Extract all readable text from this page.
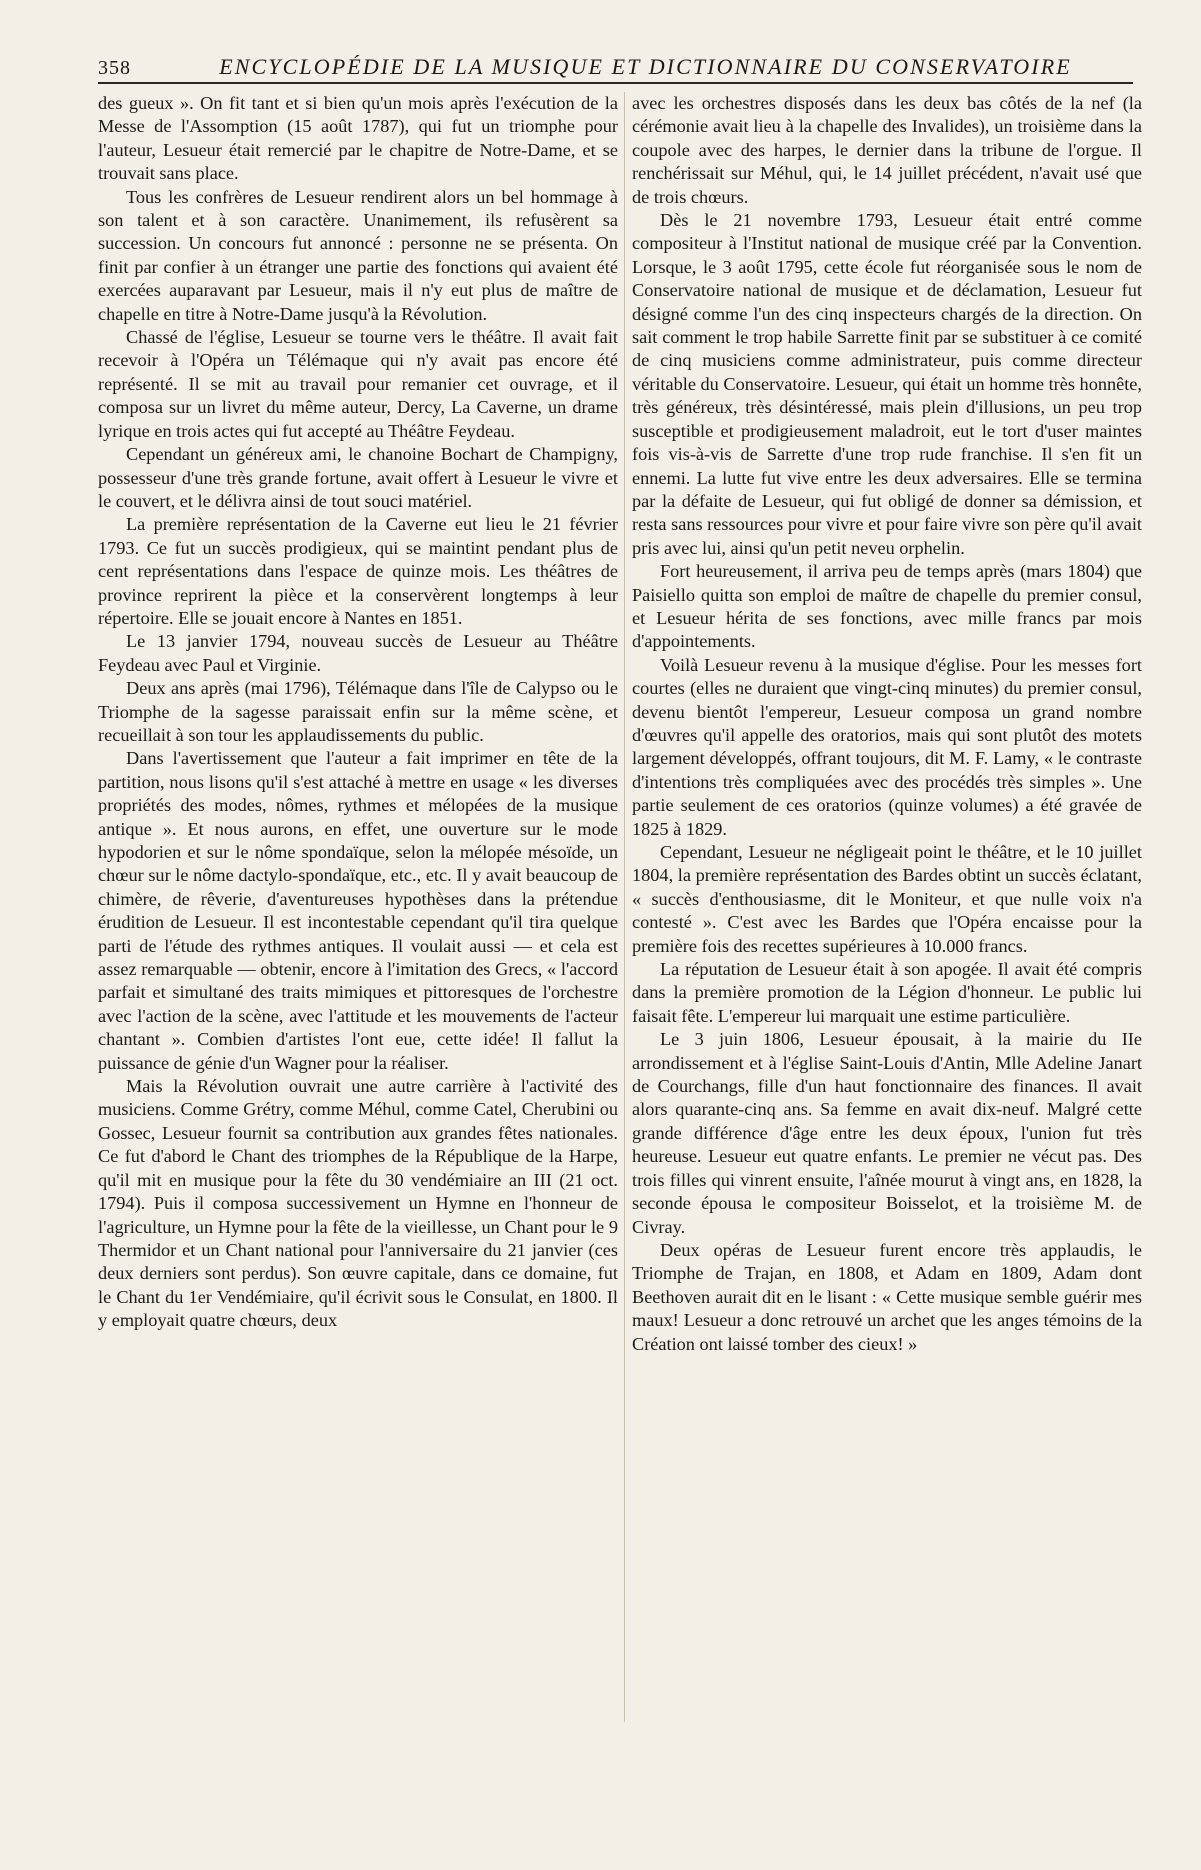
358	ENCYCLOPÉDIE DE LA MUSIQUE ET DICTIONNAIRE DU CONSERVATOIRE

des gueux ». On fit tant et si bien qu'un mois après l'exécution de la Messe de l'Assomption (15 août 1787), qui fut un triomphe pour l'auteur, Lesueur était remercié par le chapitre de Notre-Dame, et se trouvait sans place.

Tous les confrères de Lesueur rendirent alors un bel hommage à son talent et à son caractère. Unanimement, ils refusèrent sa succession. Un concours fut annoncé : personne ne se présenta. On finit par confier à un étranger une partie des fonctions qui avaient été exercées auparavant par Lesueur, mais il n'y eut plus de maître de chapelle en titre à Notre-Dame jusqu'à la Révolution.

Chassé de l'église, Lesueur se tourne vers le théâtre. Il avait fait recevoir à l'Opéra un Télémaque qui n'y avait pas encore été représenté. Il se mit au travail pour remanier cet ouvrage, et il composa sur un livret du même auteur, Dercy, La Caverne, un drame lyrique en trois actes qui fut accepté au Théâtre Feydeau.

Cependant un généreux ami, le chanoine Bochart de Champigny, possesseur d'une très grande fortune, avait offert à Lesueur le vivre et le couvert, et le délivra ainsi de tout souci matériel.

La première représentation de la Caverne eut lieu le 21 février 1793. Ce fut un succès prodigieux, qui se maintint pendant plus de cent représentations dans l'espace de quinze mois. Les théâtres de province reprirent la pièce et la conservèrent longtemps à leur répertoire. Elle se jouait encore à Nantes en 1851.

Le 13 janvier 1794, nouveau succès de Lesueur au Théâtre Feydeau avec Paul et Virginie.

Deux ans après (mai 1796), Télémaque dans l'île de Calypso ou le Triomphe de la sagesse paraissait enfin sur la même scène, et recueillait à son tour les applaudissements du public.

Dans l'avertissement que l'auteur a fait imprimer en tête de la partition, nous lisons qu'il s'est attaché à mettre en usage « les diverses propriétés des modes, nômes, rythmes et mélopées de la musique antique ». Et nous aurons, en effet, une ouverture sur le mode hypodorien et sur le nôme spondaïque, selon la mélopée mésoïde, un chœur sur le nôme dactylo-spondaïque, etc., etc. Il y avait beaucoup de chimère, de rêverie, d'aventureuses hypothèses dans la prétendue érudition de Lesueur. Il est incontestable cependant qu'il tira quelque parti de l'étude des rythmes antiques. Il voulait aussi — et cela est assez remarquable — obtenir, encore à l'imitation des Grecs, « l'accord parfait et simultané des traits mimiques et pittoresques de l'orchestre avec l'action de la scène, avec l'attitude et les mouvements de l'acteur chantant ». Combien d'artistes l'ont eue, cette idée! Il fallut la puissance de génie d'un Wagner pour la réaliser.

Mais la Révolution ouvrait une autre carrière à l'activité des musiciens. Comme Grétry, comme Méhul, comme Catel, Cherubini ou Gossec, Lesueur fournit sa contribution aux grandes fêtes nationales. Ce fut d'abord le Chant des triomphes de la République de la Harpe, qu'il mit en musique pour la fête du 30 vendémiaire an III (21 oct. 1794). Puis il composa successivement un Hymne en l'honneur de l'agriculture, un Hymne pour la fête de la vieillesse, un Chant pour le 9 Thermidor et un Chant national pour l'anniversaire du 21 janvier (ces deux derniers sont perdus). Son œuvre capitale, dans ce domaine, fut le Chant du 1er Vendémiaire, qu'il écrivit sous le Consulat, en 1800. Il y employait quatre chœurs, deux

avec les orchestres disposés dans les deux bas côtés de la nef (la cérémonie avait lieu à la chapelle des Invalides), un troisième dans la coupole avec des harpes, le dernier dans la tribune de l'orgue. Il renchérissait sur Méhul, qui, le 14 juillet précédent, n'avait usé que de trois chœurs.

Dès le 21 novembre 1793, Lesueur était entré comme compositeur à l'Institut national de musique créé par la Convention. Lorsque, le 3 août 1795, cette école fut réorganisée sous le nom de Conservatoire national de musique et de déclamation, Lesueur fut désigné comme l'un des cinq inspecteurs chargés de la direction. On sait comment le trop habile Sarrette finit par se substituer à ce comité de cinq musiciens comme administrateur, puis comme directeur véritable du Conservatoire. Lesueur, qui était un homme très honnête, très généreux, très désintéressé, mais plein d'illusions, un peu trop susceptible et prodigieusement maladroit, eut le tort d'user maintes fois vis-à-vis de Sarrette d'une trop rude franchise. Il s'en fit un ennemi. La lutte fut vive entre les deux adversaires. Elle se termina par la défaite de Lesueur, qui fut obligé de donner sa démission, et resta sans ressources pour vivre et pour faire vivre son père qu'il avait pris avec lui, ainsi qu'un petit neveu orphelin.

Fort heureusement, il arriva peu de temps après (mars 1804) que Paisiello quitta son emploi de maître de chapelle du premier consul, et Lesueur hérita de ses fonctions, avec mille francs par mois d'appointements.

Voilà Lesueur revenu à la musique d'église. Pour les messes fort courtes (elles ne duraient que vingt-cinq minutes) du premier consul, devenu bientôt l'empereur, Lesueur composa un grand nombre d'œuvres qu'il appelle des oratorios, mais qui sont plutôt des motets largement développés, offrant toujours, dit M. F. Lamy, « le contraste d'intentions très compliquées avec des procédés très simples ». Une partie seulement de ces oratorios (quinze volumes) a été gravée de 1825 à 1829.

Cependant, Lesueur ne négligeait point le théâtre, et le 10 juillet 1804, la première représentation des Bardes obtint un succès éclatant, « succès d'enthousiasme, dit le Moniteur, et que nulle voix n'a contesté ». C'est avec les Bardes que l'Opéra encaisse pour la première fois des recettes supérieures à 10.000 francs.

La réputation de Lesueur était à son apogée. Il avait été compris dans la première promotion de la Légion d'honneur. Le public lui faisait fête. L'empereur lui marquait une estime particulière.

Le 3 juin 1806, Lesueur épousait, à la mairie du IIe arrondissement et à l'église Saint-Louis d'Antin, Mlle Adeline Janart de Courchangs, fille d'un haut fonctionnaire des finances. Il avait alors quarante-cinq ans. Sa femme en avait dix-neuf. Malgré cette grande différence d'âge entre les deux époux, l'union fut très heureuse. Lesueur eut quatre enfants. Le premier ne vécut pas. Des trois filles qui vinrent ensuite, l'aînée mourut à vingt ans, en 1828, la seconde épousa le compositeur Boisselot, et la troisième M. de Civray.

Deux opéras de Lesueur furent encore très applaudis, le Triomphe de Trajan, en 1808, et Adam en 1809, Adam dont Beethoven aurait dit en le lisant : « Cette musique semble guérir mes maux! Lesueur a donc retrouvé un archet que les anges témoins de la Création ont laissé tomber des cieux! »
